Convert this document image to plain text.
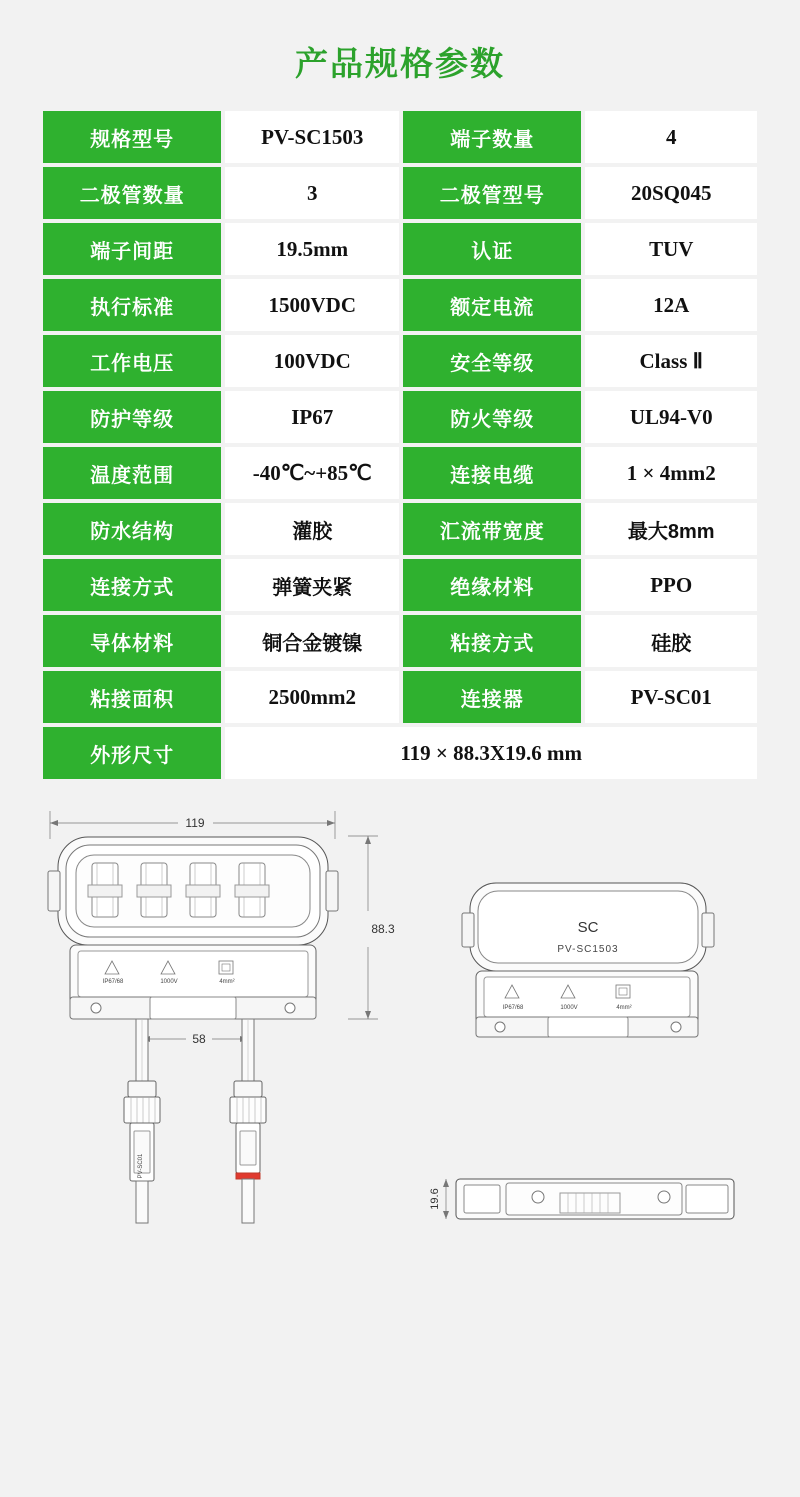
产品规格参数
规格型号	PV-SC1503	端子数量	4
二极管数量	3	二极管型号	20SQ045
端子间距	19.5mm	认证	TUV
执行标准	1500VDC	额定电流	12A
工作电压	100VDC	安全等级	Class Ⅱ
防护等级	IP67	防火等级	UL94-V0
温度范围	-40℃~+85℃	连接电缆	1 × 4mm2
防水结构	灌胶	汇流带宽度	最大8mm
连接方式	弹簧夹紧	绝缘材料	PPO
导体材料	铜合金镀镍	粘接方式	硅胶
粘接面积	2500mm2	连接器	PV-SC01
外形尺寸	119 × 88.3X19.6 mm		
119
88.3
58
IP67/68	1000V	4mm²
PV-SC01
SC
PV-SC1503
IP67/68	1000V	4mm²
19.6
